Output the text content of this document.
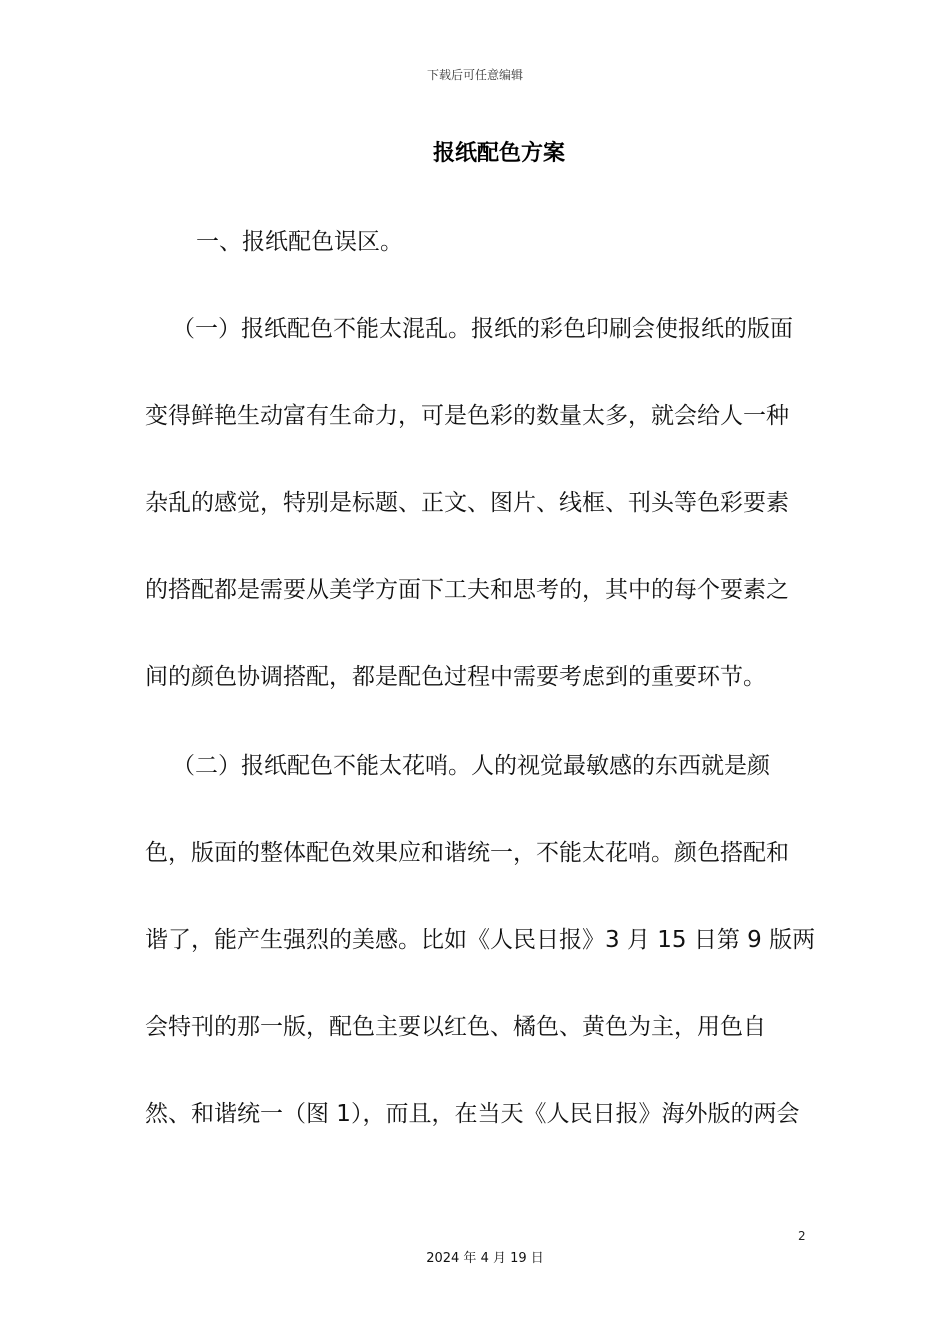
下载后可任意编辑
报纸配色方案
一、报纸配色误区。
（一）报纸配色不能太混乱。报纸的彩色印刷会使报纸的版面
变得鲜艳生动富有生命力，可是色彩的数量太多，就会给人一种
杂乱的感觉，特别是标题、正文、图片、线框、刊头等色彩要素
的搭配都是需要从美学方面下工夫和思考的，其中的每个要素之
间的颜色协调搭配，都是配色过程中需要考虑到的重要环节。
（二）报纸配色不能太花哨。人的视觉最敏感的东西就是颜
色，版面的整体配色效果应和谐统一，不能太花哨。颜色搭配和
谐了，能产生强烈的美感。比如《人民日报》3 月 15 日第 9 版两
会特刊的那一版，配色主要以红色、橘色、黄色为主，用色自
然、和谐统一（图 1），而且，在当天《人民日报》海外版的两会
2
2024 年 4 月 19 日
